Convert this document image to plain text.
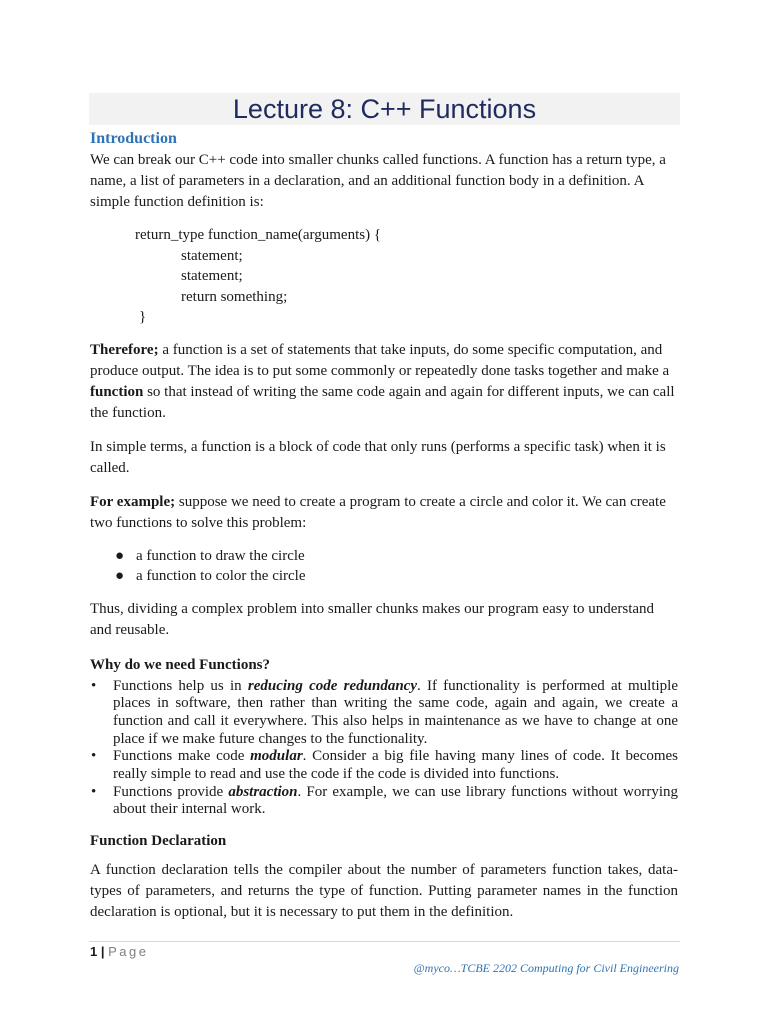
Lecture 8: C++ Functions
Introduction

We can break our C++ code into smaller chunks called functions. A function has a return type, a name, a list of parameters in a declaration, and an additional function body in a definition. A simple function definition is:

return_type function_name(arguments) {
statement;
statement;
return something;
}

Therefore; a function is a set of statements that take inputs, do some specific computation, and produce output. The idea is to put some commonly or repeatedly done tasks together and make a function so that instead of writing the same code again and again for different inputs, we can call the function.

In simple terms, a function is a block of code that only runs (performs a specific task) when it is called.

For example; suppose we need to create a program to create a circle and color it. We can create two functions to solve this problem:

● a function to draw the circle
● a function to color the circle

Thus, dividing a complex problem into smaller chunks makes our program easy to understand and reusable.

Why do we need Functions?
• Functions help us in reducing code redundancy. If functionality is performed at multiple places in software, then rather than writing the same code, again and again, we create a function and call it everywhere. This also helps in maintenance as we have to change at one place if we make future changes to the functionality.
• Functions make code modular. Consider a big file having many lines of code. It becomes really simple to read and use the code if the code is divided into functions.
• Functions provide abstraction. For example, we can use library functions without worrying about their internal work.
Function Declaration

A function declaration tells the compiler about the number of parameters function takes, data-types of parameters, and returns the type of function. Putting parameter names in the function declaration is optional, but it is necessary to put them in the definition.

1 | Page
@myco…TCBE 2202 Computing for Civil Engineering
